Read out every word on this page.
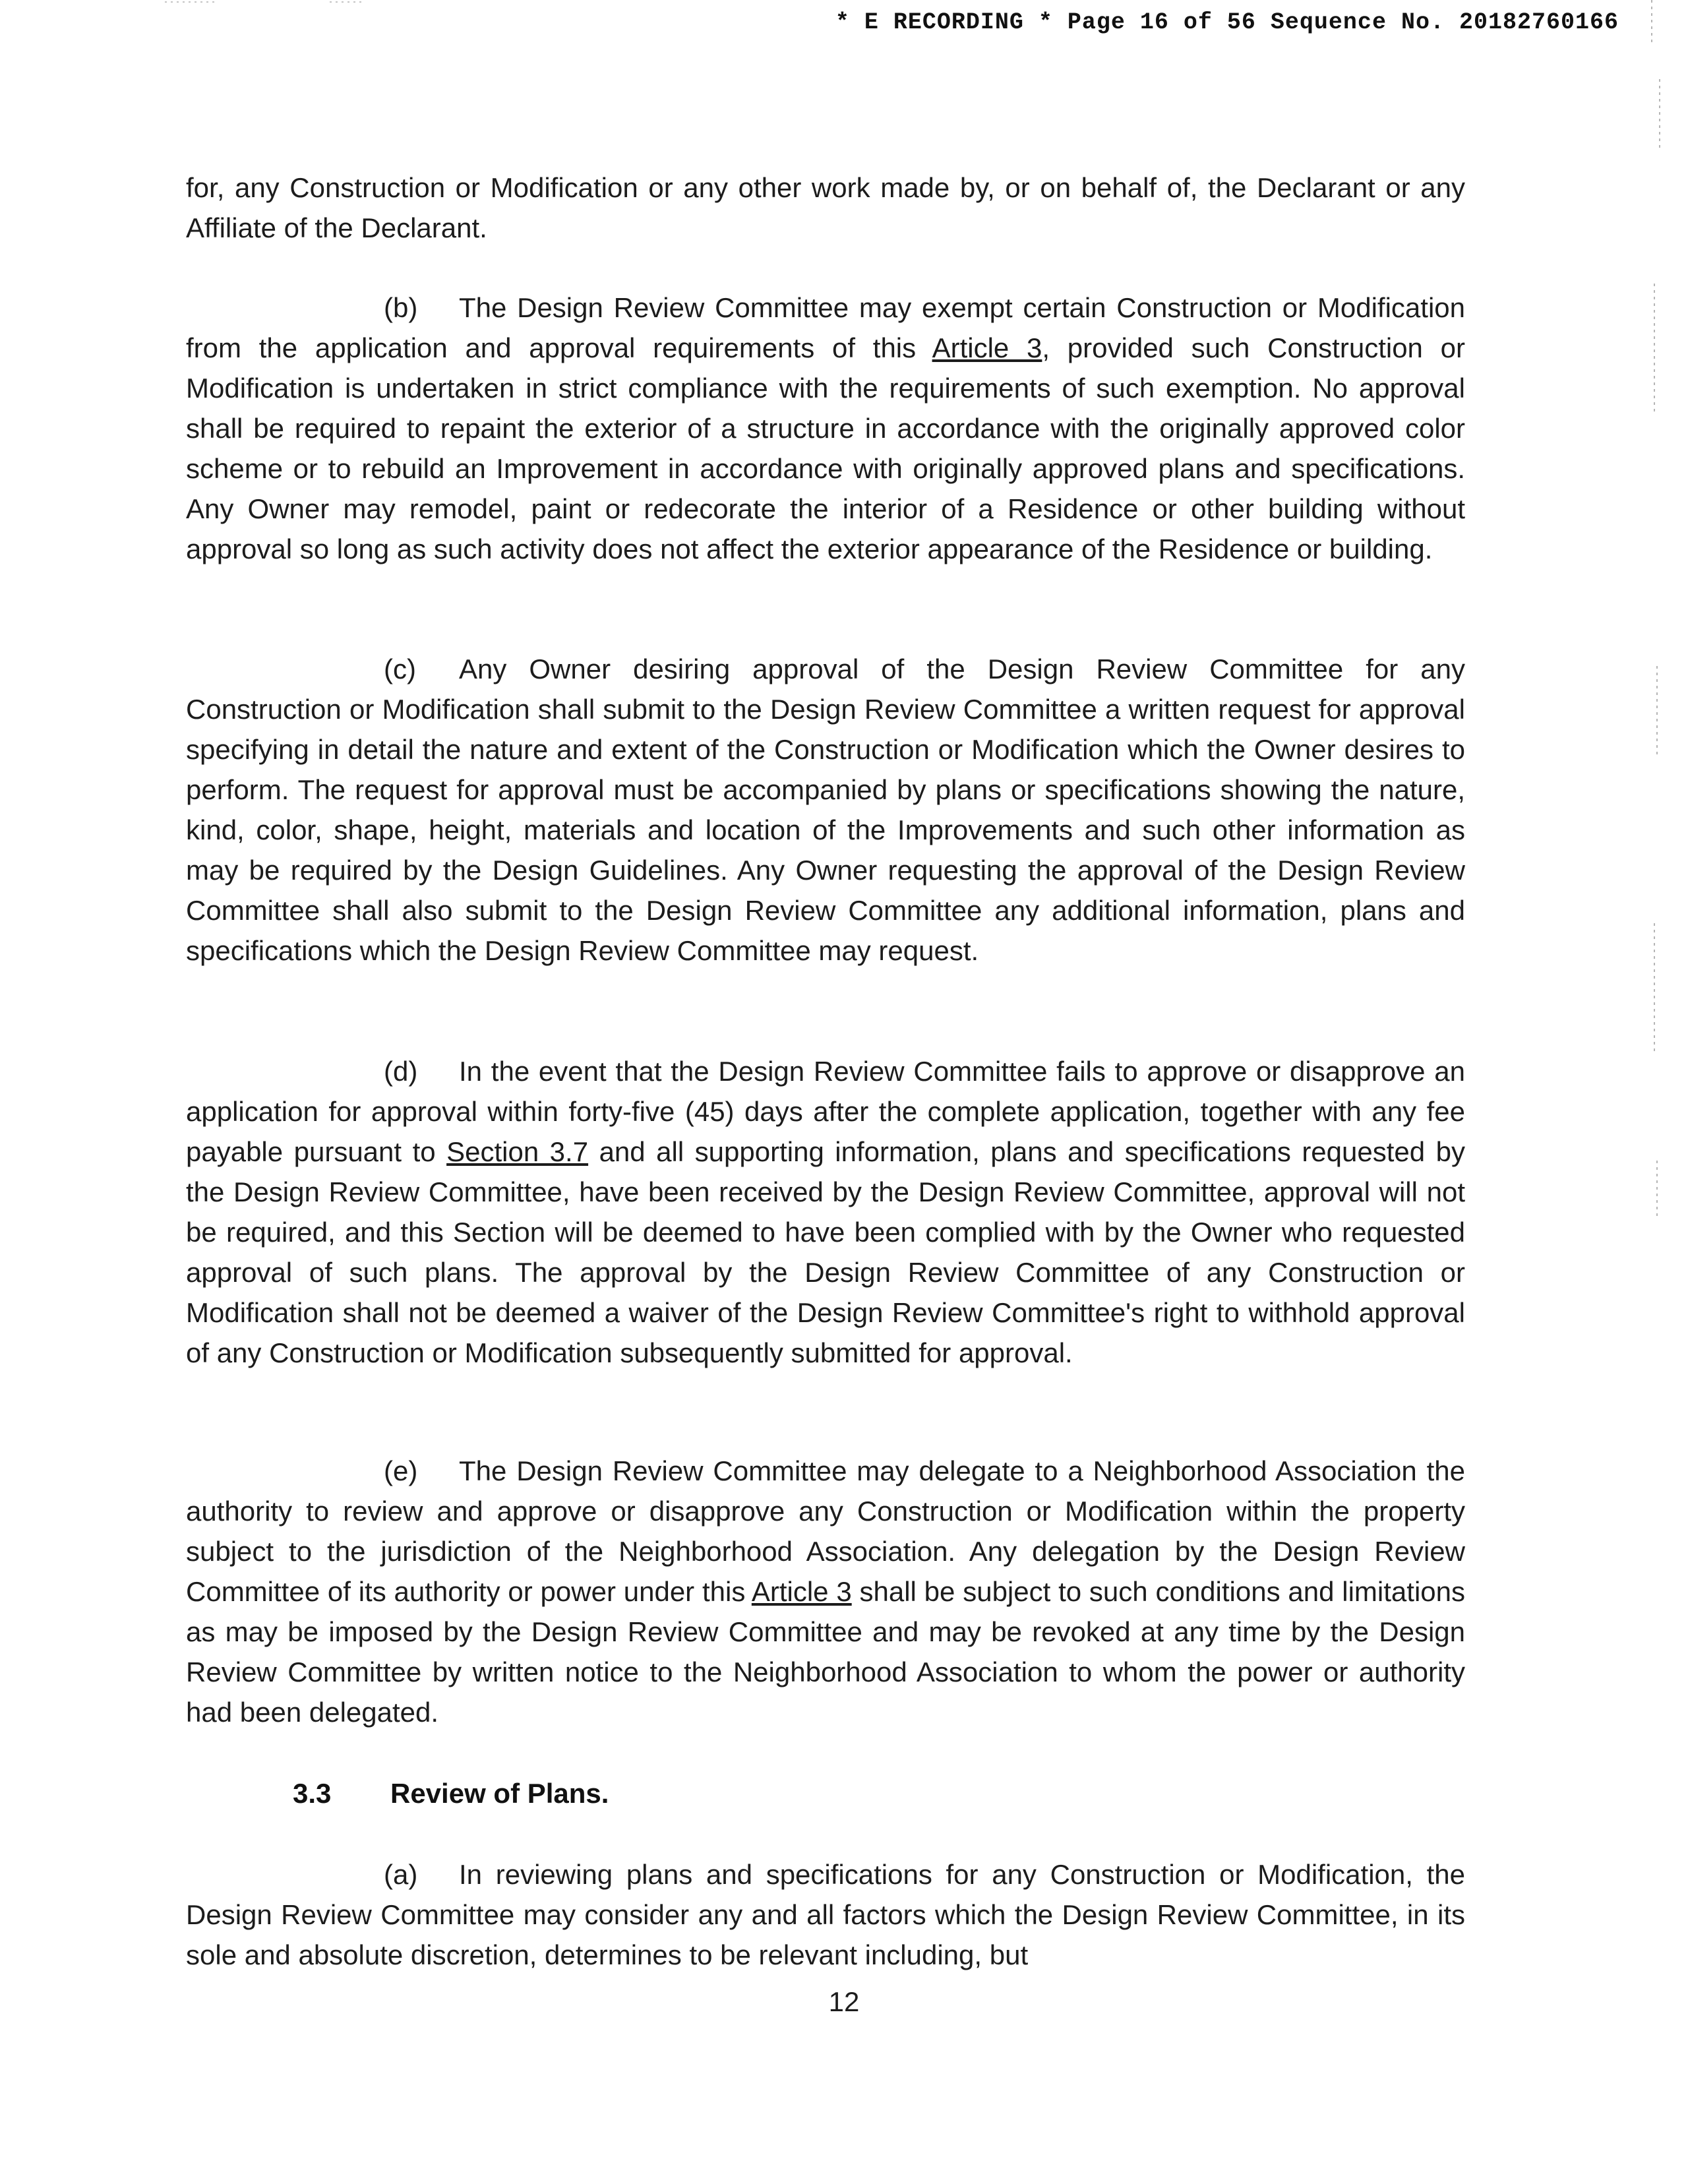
* E RECORDING * Page 16 of 56 Sequence No. 20182760166

for, any Construction or Modification or any other work made by, or on behalf of, the Declarant or any Affiliate of the Declarant.

(b) The Design Review Committee may exempt certain Construction or Modification from the application and approval requirements of this Article 3, provided such Construction or Modification is undertaken in strict compliance with the requirements of such exemption. No approval shall be required to repaint the exterior of a structure in accordance with the originally approved color scheme or to rebuild an Improvement in accordance with originally approved plans and specifications. Any Owner may remodel, paint or redecorate the interior of a Residence or other building without approval so long as such activity does not affect the exterior appearance of the Residence or building.

(c) Any Owner desiring approval of the Design Review Committee for any Construction or Modification shall submit to the Design Review Committee a written request for approval specifying in detail the nature and extent of the Construction or Modification which the Owner desires to perform. The request for approval must be accompanied by plans or specifications showing the nature, kind, color, shape, height, materials and location of the Improvements and such other information as may be required by the Design Guidelines. Any Owner requesting the approval of the Design Review Committee shall also submit to the Design Review Committee any additional information, plans and specifications which the Design Review Committee may request.

(d) In the event that the Design Review Committee fails to approve or disapprove an application for approval within forty-five (45) days after the complete application, together with any fee payable pursuant to Section 3.7 and all supporting information, plans and specifications requested by the Design Review Committee, have been received by the Design Review Committee, approval will not be required, and this Section will be deemed to have been complied with by the Owner who requested approval of such plans. The approval by the Design Review Committee of any Construction or Modification shall not be deemed a waiver of the Design Review Committee's right to withhold approval of any Construction or Modification subsequently submitted for approval.

(e) The Design Review Committee may delegate to a Neighborhood Association the authority to review and approve or disapprove any Construction or Modification within the property subject to the jurisdiction of the Neighborhood Association. Any delegation by the Design Review Committee of its authority or power under this Article 3 shall be subject to such conditions and limitations as may be imposed by the Design Review Committee and may be revoked at any time by the Design Review Committee by written notice to the Neighborhood Association to whom the power or authority had been delegated.

3.3 Review of Plans.

(a) In reviewing plans and specifications for any Construction or Modification, the Design Review Committee may consider any and all factors which the Design Review Committee, in its sole and absolute discretion, determines to be relevant including, but

12
